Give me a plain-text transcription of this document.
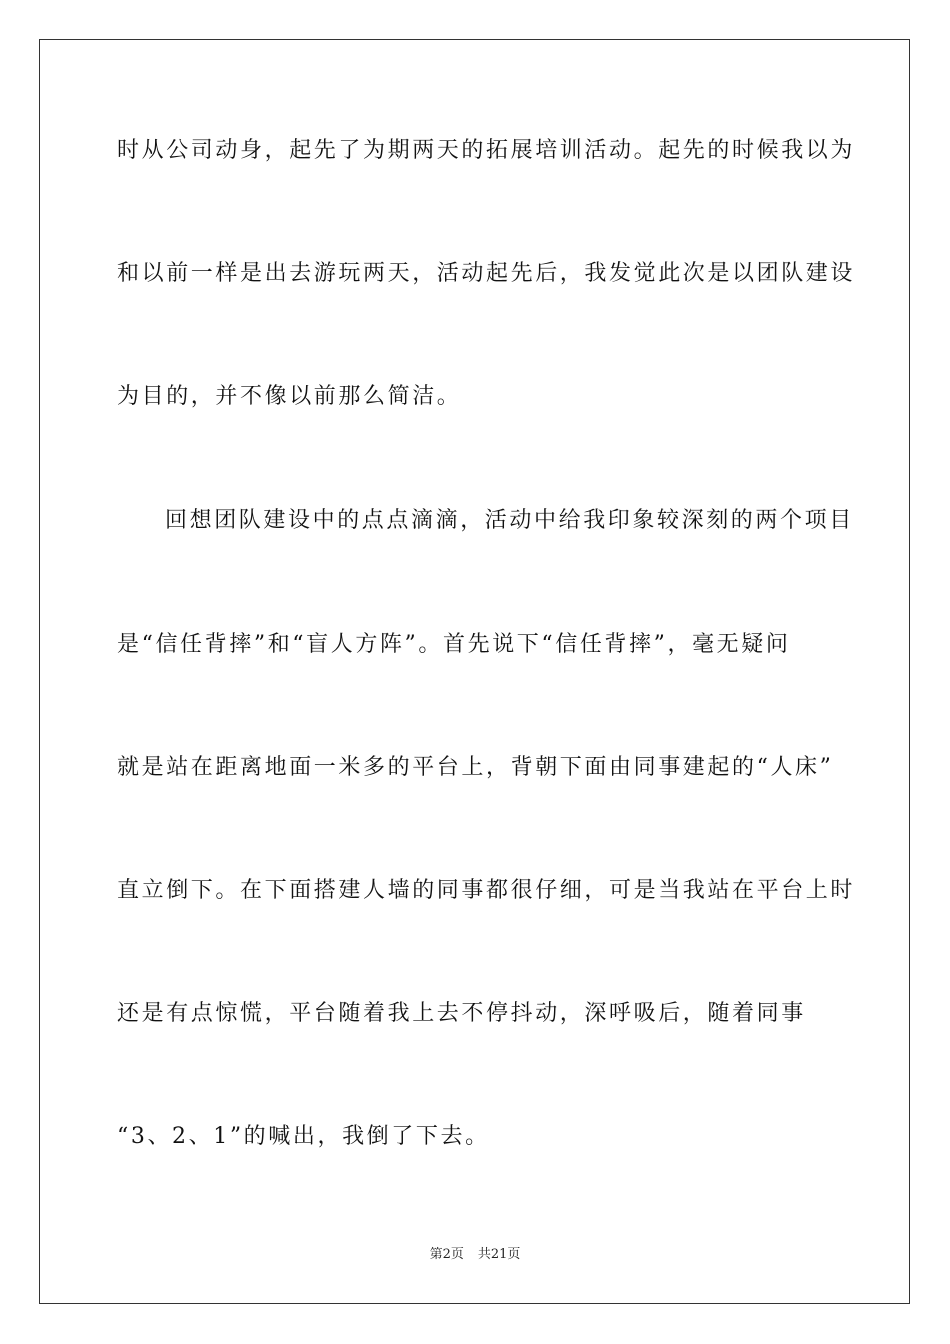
时从公司动身，起先了为期两天的拓展培训活动。起先的时候我以为
和以前一样是出去游玩两天，活动起先后，我发觉此次是以团队建设
为目的，并不像以前那么简洁。
回想团队建设中的点点滴滴，活动中给我印象较深刻的两个项目
是“信任背摔”和“盲人方阵”。首先说下“信任背摔”，毫无疑问
就是站在距离地面一米多的平台上，背朝下面由同事建起的“人床”
直立倒下。在下面搭建人墙的同事都很仔细，可是当我站在平台上时
还是有点惊慌，平台随着我上去不停抖动，深呼吸后，随着同事
“3、2、1”的喊出，我倒了下去。
第2页 共21页
